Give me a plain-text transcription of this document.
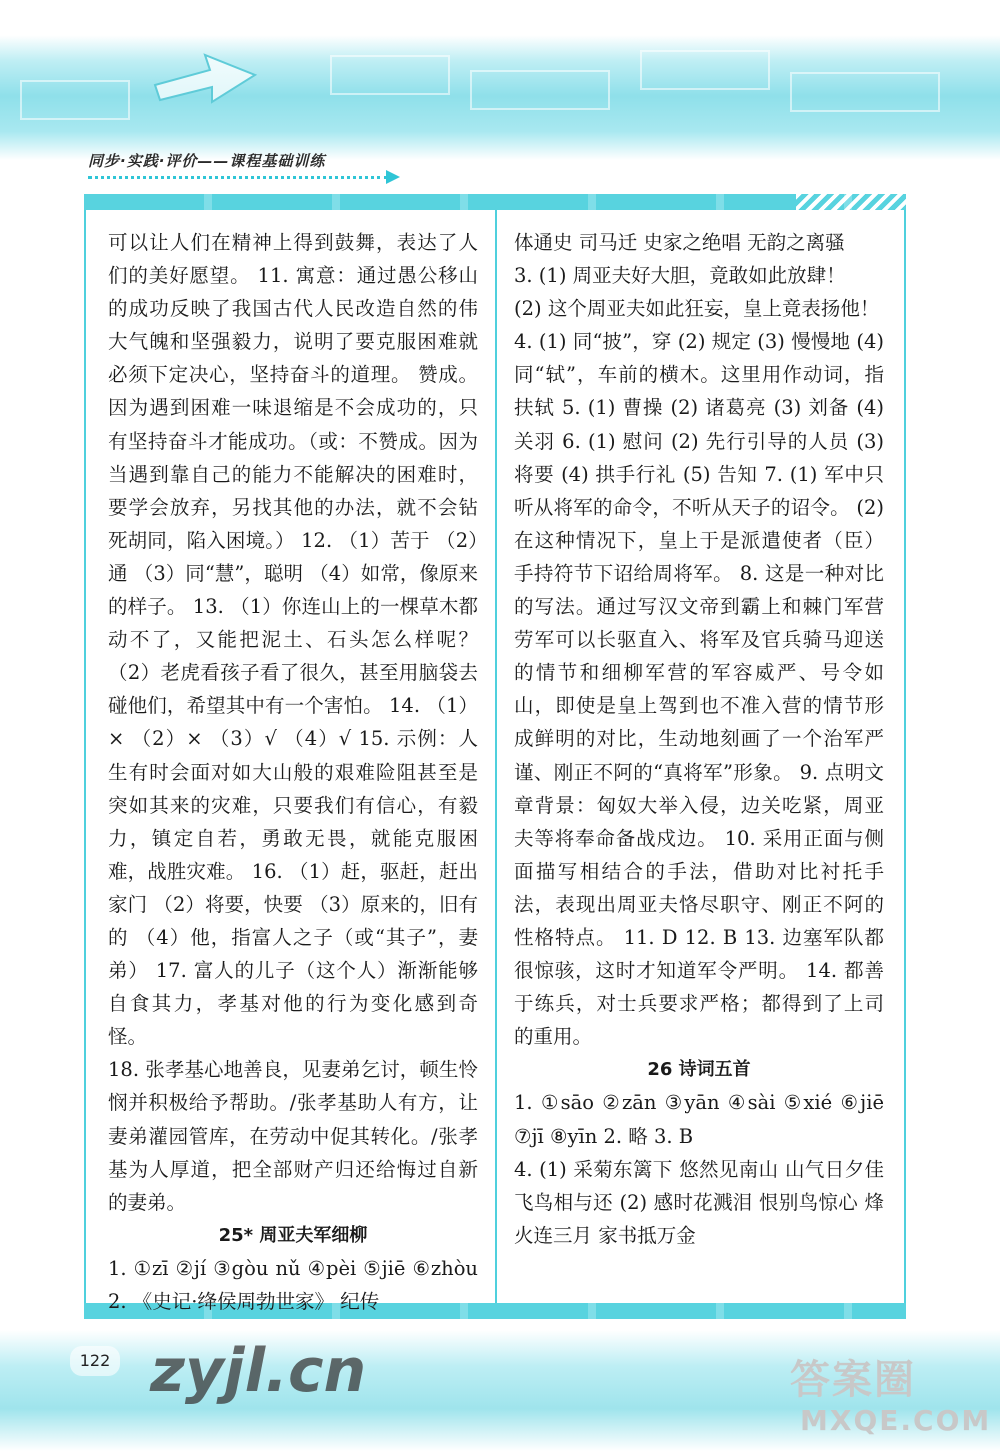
同步·实践·评价——课程基础训练

可以让人们在精神上得到鼓舞，表达了人们的美好愿望。 11. 寓意：通过愚公移山的成功反映了我国古代人民改造自然的伟大气魄和坚强毅力，说明了要克服困难就必须下定决心，坚持奋斗的道理。 赞成。因为遇到困难一味退缩是不会成功的，只有坚持奋斗才能成功。（或：不赞成。因为当遇到靠自己的能力不能解决的困难时，要学会放弃，另找其他的办法，就不会钻死胡同，陷入困境。） 12. （1）苦于 （2）通 （3）同“慧”，聪明 （4）如常，像原来的样子。 13. （1）你连山上的一棵草木都动不了，又能把泥土、石头怎么样呢？ （2）老虎看孩子看了很久，甚至用脑袋去碰他们，希望其中有一个害怕。 14. （1）× （2）× （3）√ （4）√ 15. 示例：人生有时会面对如大山般的艰难险阻甚至是突如其来的灾难，只要我们有信心，有毅力，镇定自若，勇敢无畏，就能克服困难，战胜灾难。 16. （1）赶，驱赶，赶出家门 （2）将要，快要 （3）原来的，旧有的 （4）他，指富人之子（或“其子”，妻弟） 17. 富人的儿子（这个人）渐渐能够自食其力，孝基对他的行为变化感到奇怪。

18. 张孝基心地善良，见妻弟乞讨，顿生怜悯并积极给予帮助。/张孝基助人有方，让妻弟灌园管库，在劳动中促其转化。/张孝基为人厚道，把全部财产归还给悔过自新的妻弟。

25* 周亚夫军细柳

1. ①zī ②jí ③gòu nǔ ④pèi ⑤jiē ⑥zhòu 2. 《史记·绛侯周勃世家》 纪传

体通史 司马迁 史家之绝唱 无韵之离骚

3. (1) 周亚夫好大胆，竟敢如此放肆！

(2) 这个周亚夫如此狂妄，皇上竟表扬他！

4. (1) 同“披”，穿 (2) 规定 (3) 慢慢地 (4) 同“轼”，车前的横木。这里用作动词，指扶轼 5. (1) 曹操 (2) 诸葛亮 (3) 刘备 (4) 关羽 6. (1) 慰问 (2) 先行引导的人员 (3) 将要 (4) 拱手行礼 (5) 告知 7. (1) 军中只听从将军的命令，不听从天子的诏令。 (2) 在这种情况下，皇上于是派遣使者（臣）手持符节下诏给周将军。 8. 这是一种对比的写法。通过写汉文帝到霸上和棘门军营劳军可以长驱直入、将军及官兵骑马迎送的情节和细柳军营的军容威严、号令如山，即使是皇上驾到也不准入营的情节形成鲜明的对比，生动地刻画了一个治军严谨、刚正不阿的“真将军”形象。 9. 点明文章背景：匈奴大举入侵，边关吃紧，周亚夫等将奉命备战戍边。 10. 采用正面与侧面描写相结合的手法，借助对比衬托手法，表现出周亚夫恪尽职守、刚正不阿的性格特点。 11. D 12. B 13. 边塞军队都很惊骇，这时才知道军令严明。 14. 都善于练兵，对士兵要求严格；都得到了上司的重用。

26 诗词五首

1. ①sāo ②zān ③yān ④sài ⑤xié ⑥jiē ⑦jī ⑧yīn 2. 略 3. B

4. (1) 采菊东篱下 悠然见南山 山气日夕佳 飞鸟相与还 (2) 感时花溅泪 恨别鸟惊心 烽火连三月 家书抵万金

122 zyjl.cn	答案圈
MXQE.COM
